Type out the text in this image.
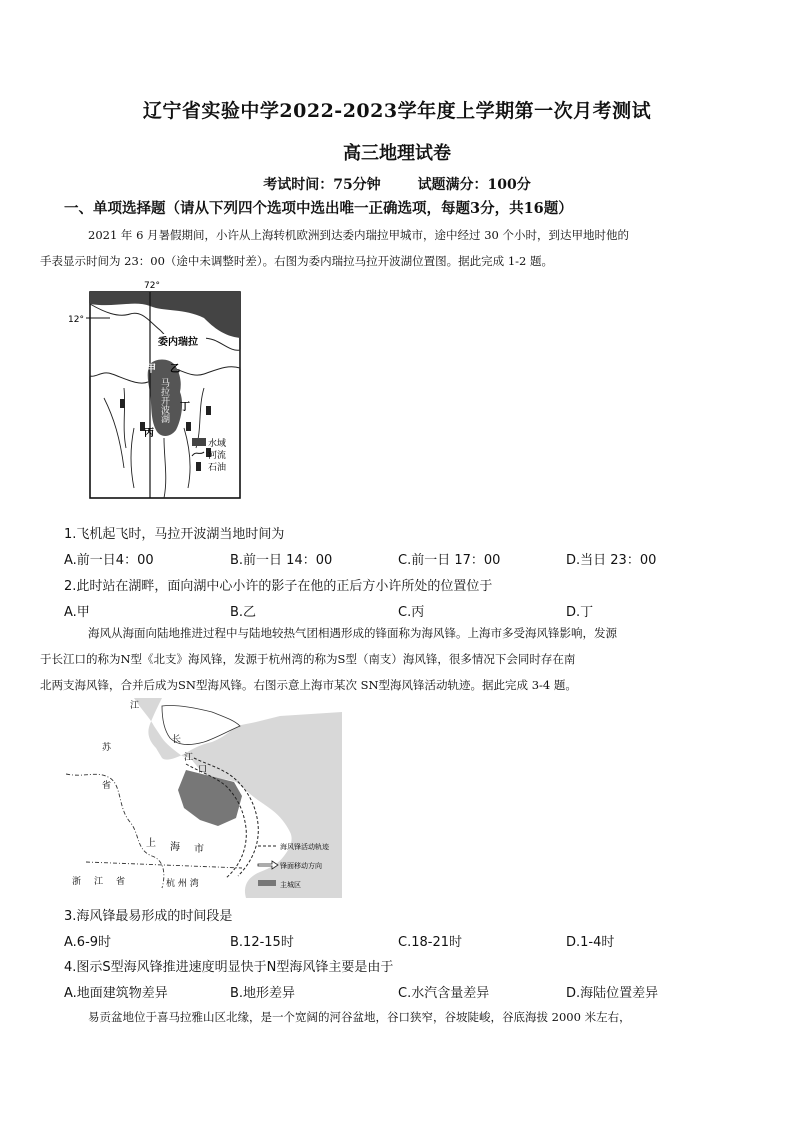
辽宁省实验中学2022-2023学年度上学期第一次月考测试
高三地理试卷
考试时间：75分钟	试题满分：100分
一、单项选择题（请从下列四个选项中选出唯一正确选项，每题3分，共16题）
2021 年 6 月暑假期间，小许从上海转机欧洲到达委内瑞拉甲城市，途中经过 30 个小时，到达甲地时他的
手表显示时间为 23：00（途中未调整时差）。右图为委内瑞拉马拉开波湖位置图。据此完成 1-2 题。
72°
12°
委内瑞拉
甲 乙
丙
丁
马拉开波湖
水域
河流
石油
1.飞机起飞时，马拉开波湖当地时间为
A.前一日4：00	B.前一日 14：00	C.前一日 17：00	D.当日 23：00
2.此时站在湖畔，面向湖中心小许的影子在他的正后方小许所处的位置位于
A.甲	B.乙	C.丙	D.丁
海风从海面向陆地推进过程中与陆地较热气团相遇形成的锋面称为海风锋。上海市多受海风锋影响，发源
于长江口的称为N型《北支》海风锋，发源于杭州湾的称为S型（南支）海风锋，很多情况下会同时存在南
北两支海风锋，合并后成为SN型海风锋。右图示意上海市某次 SN型海风锋活动轨迹。据此完成 3-4 题。
江
苏
省
长
江
口
上 海 市
浙 江 省	杭 州 湾
海风锋活动轨迹
锋面移动方向
主城区
3.海风锋最易形成的时间段是
A.6-9时	B.12-15时	C.18-21时	D.1-4时
4.图示S型海风锋推进速度明显快于N型海风锋主要是由于
A.地面建筑物差异	B.地形差异	C.水汽含量差异	D.海陆位置差异
易贡盆地位于喜马拉雅山区北缘，是一个宽阔的河谷盆地，谷口狭窄，谷坡陡峻，谷底海拔 2000 米左右，
